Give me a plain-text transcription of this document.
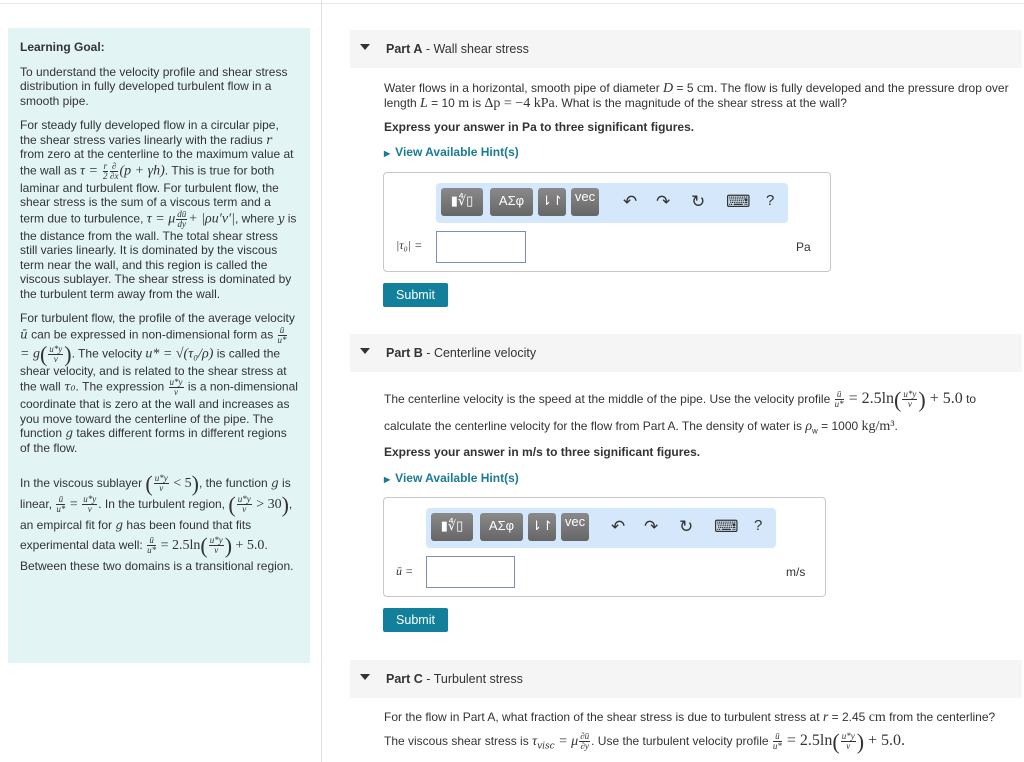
Learning Goal:

To understand the velocity profile and shear stress distribution in fully developed turbulent flow in a smooth pipe.

For steady fully developed flow in a circular pipe, the shear stress varies linearly with the radius r from zero at the centerline to the maximum value at the wall as $\tau = \frac{r}{2} \frac{\partial}{\partial x} (p + \gamma h)$. This is true for both laminar and turbulent flow. For turbulent flow, the shear stress is the sum of a viscous term and a term due to turbulence, τ = μ $\frac{dū}{dy} + |\rho u'v'|$, where y is the distance from the wall. The total shear stress still varies linearly. It is dominated by the viscous term near the wall, and this region is called the viscous sublayer. The shear stress is dominated by the turbulent term away from the wall.

For turbulent flow, the profile of the average velocity ū can be expressed in non-dimensional form as $\frac{ū}{u*}$
= $g( \frac{u*y}{\nu}$ ). The velocity u* = √(τ₀/ρ) is called the shear velocity, and is related to the shear stress at the wall τ₀. The expression $\frac{u*y}{\nu}$ is a non-dimensional coordinate that is zero at the wall and increases as you move toward the centerline of the pipe. The function g takes different forms in different regions of the flow.

In the viscous sublayer ( $\frac{u*y}{\nu} < 5$), the function g is linear, $\frac{ū}{u*} = \frac{u*y}{\nu}$ . In the turbulent region, ( $\frac{u*y}{\nu} > 30$), an empircal fit for g has been found that fits experimental data well: $\frac{ū}{u*} = 2.5\ln( \frac{u*y}{\nu}$ ) + 5.0. Between these two domains is a transitional region.

Part A - Wall shear stress
Water flows in a horizontal, smooth pipe of diameter D = 5 cm. The flow is fully developed and the pressure drop over length L = 10 m is Δp = −4 kPa. What is the magnitude of the shear stress at the wall?
Express your answer in Pa to three significant figures.
▶ View Available Hint(s)
▮∜▯	ΑΣφ	⇂↾ vec ↶ ↷ ↻ ⌨ ?
|τ₀| =	Pa
Submit
Part B - Centerline velocity
The centerline velocity is the speed at the middle of the pipe. Use the velocity profile $\frac{ū}{u*} = 2.5\ln( \frac{u*y}{\nu}$ ) + 5.0 to calculate the centerline velocity for the flow from Part A. The density of water is $\rho_w = 1000$ kg/m³.
Express your answer in m/s to three significant figures.
▶ View Available Hint(s)
▮∜▯	ΑΣφ	⇂↾ vec ↶ ↷ ↻ ⌨ ?
ū =	m/s
Submit
Part C - Turbulent stress
For the flow in Part A, what fraction of the shear stress is due to turbulent stress at r = 2.45 cm from the centerline?
The viscous shear stress is $\tau_{visc} = \mu \frac{\partial ū}{\partial y}$ . Use the turbulent velocity profile $\frac{ū}{u*} = 2.5\ln( \frac{u*y}{\nu}$ ) + 5.0.
